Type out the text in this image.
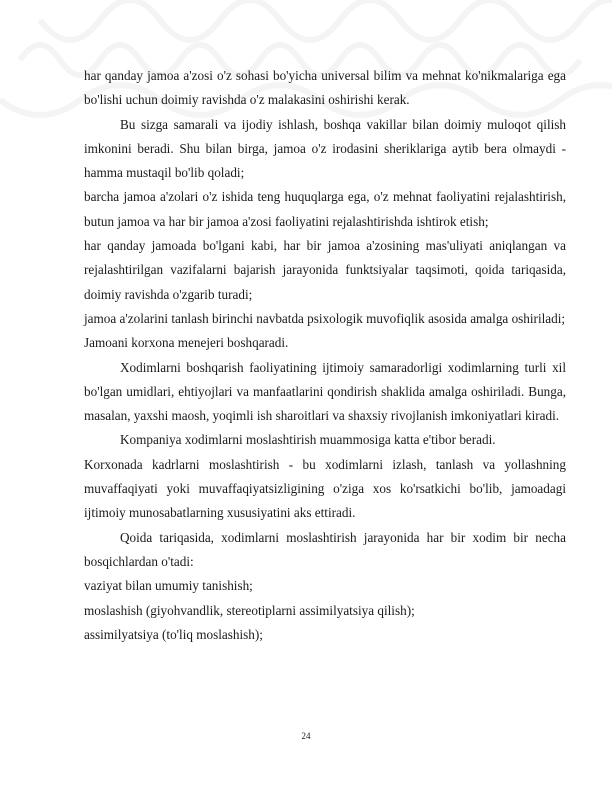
har qanday jamoa a'zosi o'z sohasi bo'yicha universal bilim va mehnat ko'nikmalariga ega bo'lishi uchun doimiy ravishda o'z malakasini oshirishi kerak.

Bu sizga samarali va ijodiy ishlash, boshqa vakillar bilan doimiy muloqot qilish imkonini beradi. Shu bilan birga, jamoa o'z irodasini sheriklariga aytib bera olmaydi - hamma mustaqil bo'lib qoladi;

barcha jamoa a'zolari o'z ishida teng huquqlarga ega, o'z mehnat faoliyatini rejalashtirish, butun jamoa va har bir jamoa a'zosi faoliyatini rejalashtirishda ishtirok etish;

har qanday jamoada bo'lgani kabi, har bir jamoa a'zosining mas'uliyati aniqlangan va rejalashtirilgan vazifalarni bajarish jarayonida funktsiyalar taqsimoti, qoida tariqasida, doimiy ravishda o'zgarib turadi;

jamoa a'zolarini tanlash birinchi navbatda psixologik muvofiqlik asosida amalga oshiriladi;

Jamoani korxona menejeri boshqaradi.

Xodimlarni boshqarish faoliyatining ijtimoiy samaradorligi xodimlarning turli xil bo'lgan umidlari, ehtiyojlari va manfaatlarini qondirish shaklida amalga oshiriladi. Bunga, masalan, yaxshi maosh, yoqimli ish sharoitlari va shaxsiy rivojlanish imkoniyatlari kiradi.

Kompaniya xodimlarni moslashtirish muammosiga katta e'tibor beradi.

Korxonada kadrlarni moslashtirish - bu xodimlarni izlash, tanlash va yollashning muvaffaqiyati yoki muvaffaqiyatsizligining o'ziga xos ko'rsatkichi bo'lib, jamoadagi ijtimoiy munosabatlarning xususiyatini aks ettiradi.

Qoida tariqasida, xodimlarni moslashtirish jarayonida har bir xodim bir necha bosqichlardan o'tadi:

vaziyat bilan umumiy tanishish;

moslashish (giyohvandlik, stereotiplarni assimilyatsiya qilish);

assimilyatsiya (to'liq moslashish);

24
